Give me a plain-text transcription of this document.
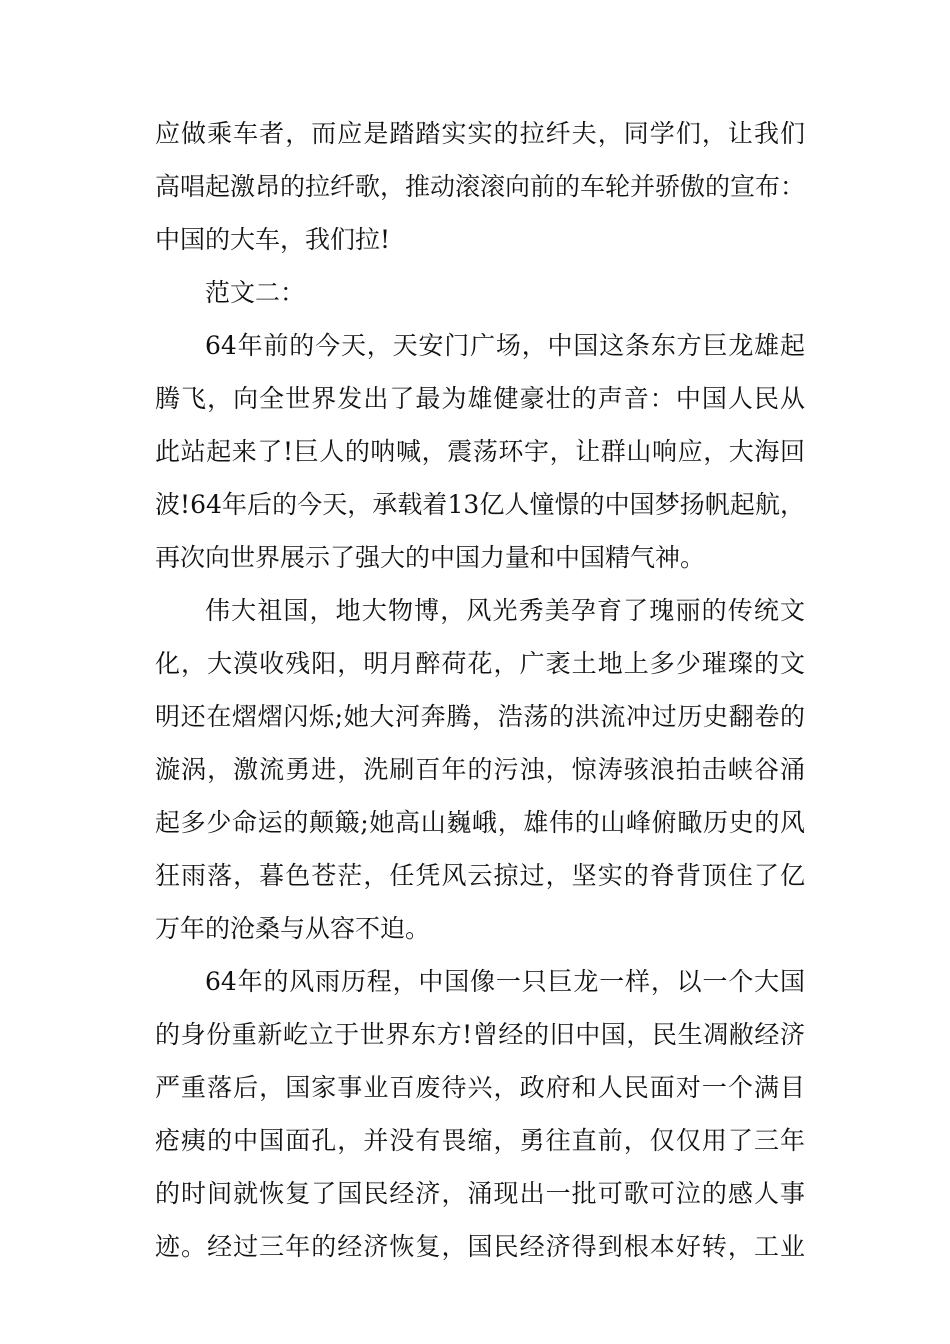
应做乘车者，而应是踏踏实实的拉纤夫，同学们，让我们
高唱起激昂的拉纤歌，推动滚滚向前的车轮并骄傲的宣布：
中国的大车，我们拉!
范文二：
64年前的今天，天安门广场，中国这条东方巨龙雄起
腾飞，向全世界发出了最为雄健豪壮的声音：中国人民从
此站起来了!巨人的呐喊，震荡环宇，让群山响应，大海回
波!64年后的今天，承载着13亿人憧憬的中国梦扬帆起航，
再次向世界展示了强大的中国力量和中国精气神。
伟大祖国，地大物博，风光秀美孕育了瑰丽的传统文
化，大漠收残阳，明月醉荷花，广袤土地上多少璀璨的文
明还在熠熠闪烁;她大河奔腾，浩荡的洪流冲过历史翻卷的
漩涡，激流勇进，洗刷百年的污浊，惊涛骇浪拍击峡谷涌
起多少命运的颠簸;她高山巍峨，雄伟的山峰俯瞰历史的风
狂雨落，暮色苍茫，任凭风云掠过，坚实的脊背顶住了亿
万年的沧桑与从容不迫。
64年的风雨历程，中国像一只巨龙一样，以一个大国
的身份重新屹立于世界东方!曾经的旧中国，民生凋敝经济
严重落后，国家事业百废待兴，政府和人民面对一个满目
疮痍的中国面孔，并没有畏缩，勇往直前，仅仅用了三年
的时间就恢复了国民经济，涌现出一批可歌可泣的感人事
迹。经过三年的经济恢复，国民经济得到根本好转，工业
